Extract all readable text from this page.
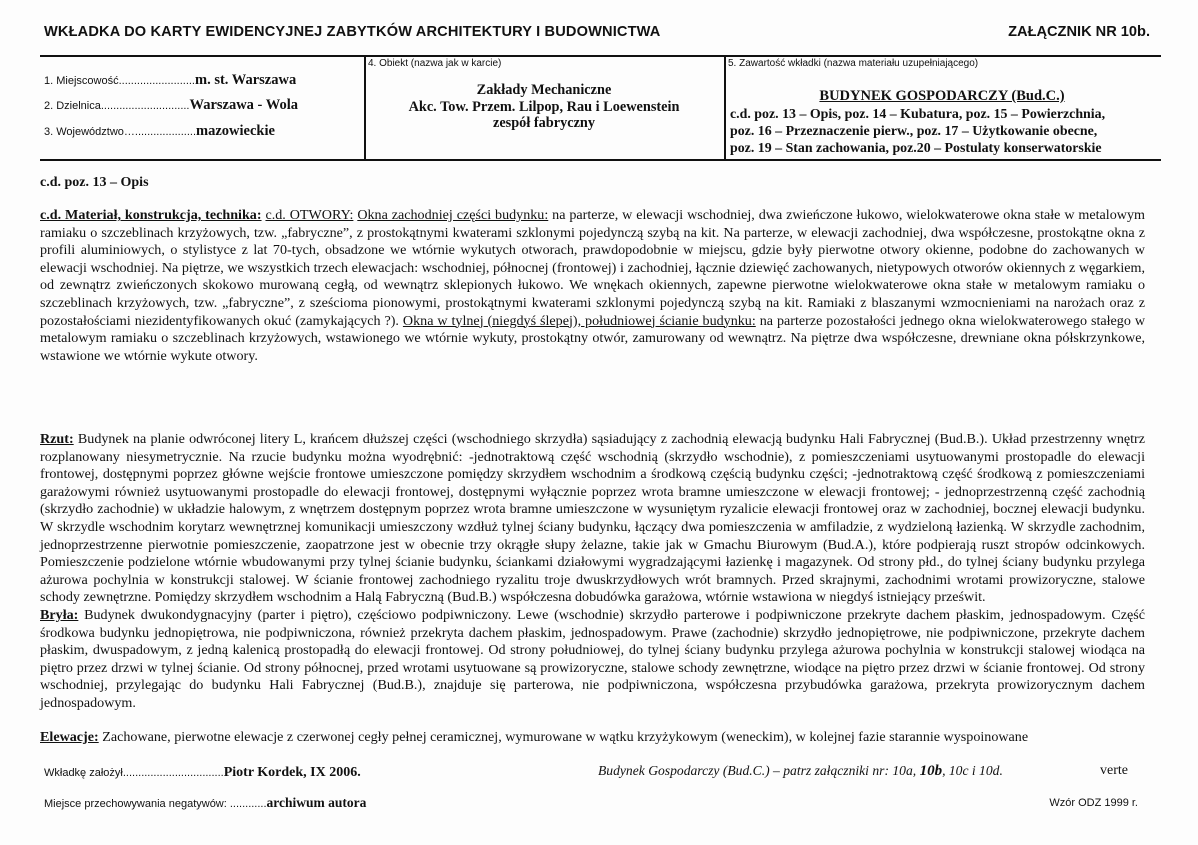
WKŁADKA DO KARTY EWIDENCYJNEJ ZABYTKÓW ARCHITEKTURY I BUDOWNICTWA	ZAŁĄCZNIK NR 10b.
1. Miejscowość.........................m. st. Warszawa
2. Dzielnica.............................Warszawa - Wola
3. Województwo…....................mazowieckie
4. Obiekt (nazwa jak w karcie)
Zakłady Mechaniczne
Akc. Tow. Przem. Lilpop, Rau i Loewenstein
zespół fabryczny
5. Zawartość wkładki (nazwa materiału uzupełniającego)
BUDYNEK GOSPODARCZY (Bud.C.)
c.d. poz. 13 – Opis, poz. 14 – Kubatura, poz. 15 – Powierzchnia,
poz. 16 – Przeznaczenie pierw., poz. 17 – Użytkowanie obecne,
poz. 19 – Stan zachowania, poz.20 – Postulaty konserwatorskie
c.d. poz. 13 – Opis
c.d. Materiał, konstrukcja, technika: c.d. OTWORY: Okna zachodniej części budynku: na parterze, w elewacji wschodniej, dwa zwieńczone łukowo, wielokwaterowe okna stałe w metalowym ramiaku o szczeblinach krzyżowych, tzw. „fabryczne”, z prostokątnymi kwaterami szklonymi pojedynczą szybą na kit. Na parterze, w elewacji zachodniej, dwa współczesne, prostokątne okna z profili aluminiowych, o stylistyce z lat 70-tych, obsadzone we wtórnie wykutych otworach, prawdopodobnie w miejscu, gdzie były pierwotne otwory okienne, podobne do zachowanych w elewacji wschodniej. Na piętrze, we wszystkich trzech elewacjach: wschodniej, północnej (frontowej) i zachodniej, łącznie dziewięć zachowanych, nietypowych otworów okiennych z węgarkiem, od zewnątrz zwieńczonych skokowo murowaną cegłą, od wewnątrz sklepionych łukowo. We wnękach okiennych, zapewne pierwotne wielokwaterowe okna stałe w metalowym ramiaku o szczeblinach krzyżowych, tzw. „fabryczne”, z sześcioma pionowymi, prostokątnymi kwaterami szklonymi pojedynczą szybą na kit. Ramiaki z blaszanymi wzmocnieniami na narożach oraz z pozostałościami niezidentyfikowanych okuć (zamykających ?). Okna w tylnej (niegdyś ślepej), południowej ścianie budynku: na parterze pozostałości jednego okna wielokwaterowego stałego w metalowym ramiaku o szczeblinach krzyżowych, wstawionego we wtórnie wykuty, prostokątny otwór, zamurowany od wewnątrz. Na piętrze dwa współczesne, drewniane okna półskrzynkowe, wstawione we wtórnie wykute otwory.
Rzut: Budynek na planie odwróconej litery L, krańcem dłuższej części (wschodniego skrzydła) sąsiadujący z zachodnią elewacją budynku Hali Fabrycznej (Bud.B.). Układ przestrzenny wnętrz rozplanowany niesymetrycznie. Na rzucie budynku można wyodrębnić: -jednotraktową część wschodnią (skrzydło wschodnie), z pomieszczeniami usytuowanymi prostopadle do elewacji frontowej, dostępnymi poprzez główne wejście frontowe umieszczone pomiędzy skrzydłem wschodnim a środkową częścią budynku części; -jednotraktową część środkową z pomieszczeniami garażowymi również usytuowanymi prostopadle do elewacji frontowej, dostępnymi wyłącznie poprzez wrota bramne umieszczone w elewacji frontowej; - jednoprzestrzenną część zachodnią (skrzydło zachodnie) w układzie halowym, z wnętrzem dostępnym poprzez wrota bramne umieszczone w wysuniętym ryzalicie elewacji frontowej oraz w zachodniej, bocznej elewacji budynku. W skrzydle wschodnim korytarz wewnętrznej komunikacji umieszczony wzdłuż tylnej ściany budynku, łączący dwa pomieszczenia w amfiladzie, z wydzieloną łazienką. W skrzydle zachodnim, jednoprzestrzenne pierwotnie pomieszczenie, zaopatrzone jest w obecnie trzy okrągłe słupy żelazne, takie jak w Gmachu Biurowym (Bud.A.), które podpierają ruszt stropów odcinkowych. Pomieszczenie podzielone wtórnie wbudowanymi przy tylnej ścianie budynku, ściankami działowymi wygradzającymi łazienkę i magazynek. Od strony płd., do tylnej ściany budynku przylega ażurowa pochylnia w konstrukcji stalowej. W ścianie frontowej zachodniego ryzalitu troje dwuskrzydłowych wrót bramnych. Przed skrajnymi, zachodnimi wrotami prowizoryczne, stalowe schody zewnętrzne. Pomiędzy skrzydłem wschodnim a Halą Fabryczną (Bud.B.) współczesna dobudówka garażowa, wtórnie wstawiona w niegdyś istniejący prześwit.
Bryła: Budynek dwukondygnacyjny (parter i piętro), częściowo podpiwniczony. Lewe (wschodnie) skrzydło parterowe i podpiwniczone przekryte dachem płaskim, jednospadowym. Część środkowa budynku jednopiętrowa, nie podpiwniczona, również przekryta dachem płaskim, jednospadowym. Prawe (zachodnie) skrzydło jednopiętrowe, nie podpiwniczone, przekryte dachem płaskim, dwuspadowym, z jedną kalenicą prostopadłą do elewacji frontowej. Od strony południowej, do tylnej ściany budynku przylega ażurowa pochylnia w konstrukcji stalowej wiodąca na piętro przez drzwi w tylnej ścianie. Od strony północnej, przed wrotami usytuowane są prowizoryczne, stalowe schody zewnętrzne, wiodące na piętro przez drzwi w ścianie frontowej. Od strony wschodniej, przylegając do budynku Hali Fabrycznej (Bud.B.), znajduje się parterowa, nie podpiwniczona, współczesna przybudówka garażowa, przekryta prowizorycznym dachem jednospadowym.
Elewacje: Zachowane, pierwotne elewacje z czerwonej cegły pełnej ceramicznej, wymurowane w wątku krzyżykowym (weneckim), w kolejnej fazie starannie wyspoinowane
Wkładkę założył.................................Piotr Kordek, IX 2006.	Budynek Gospodarczy (Bud.C.) – patrz załączniki nr: 10a, 10b, 10c i 10d.	verte
Miejsce przechowywania negatywów: ............archiwum autora	Wzór ODZ 1999 r.
